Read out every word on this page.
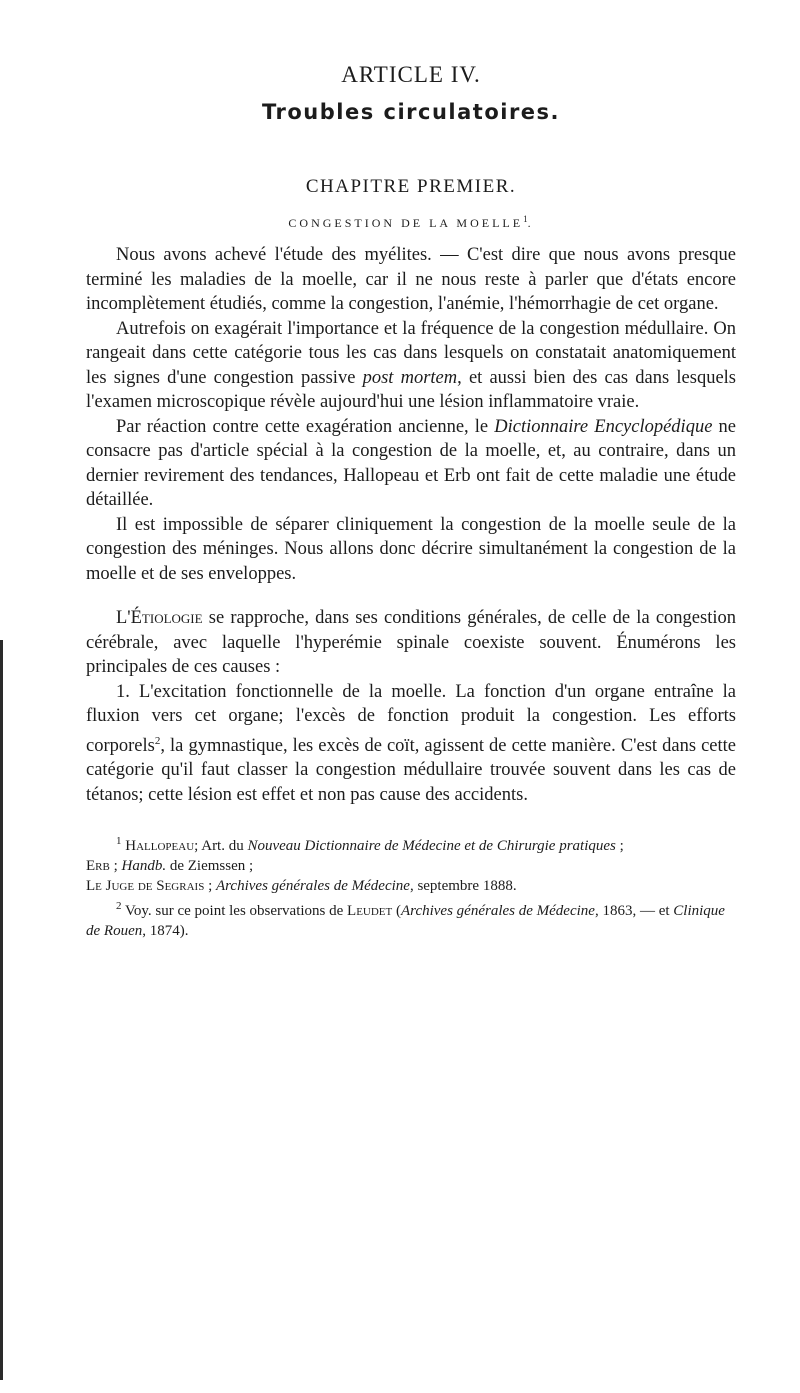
ARTICLE IV.
Troubles circulatoires.
CHAPITRE PREMIER.
CONGESTION DE LA MOELLE$^1$.

Nous avons achevé l'étude des myélites. — C'est dire que nous avons presque terminé les maladies de la moelle, car il ne nous reste à parler que d'états encore incomplètement étudiés, comme la congestion, l'anémie, l'hémorrhagie de cet organe.

Autrefois on exagérait l'importance et la fréquence de la congestion médullaire. On rangeait dans cette catégorie tous les cas dans lesquels on constatait anatomiquement les signes d'une congestion passive post mortem, et aussi bien des cas dans lesquels l'examen microscopique révèle aujourd'hui une lésion inflammatoire vraie.

Par réaction contre cette exagération ancienne, le Dictionnaire Encyclopédique ne consacre pas d'article spécial à la congestion de la moelle, et, au contraire, dans un dernier revirement des tendances, Hallopeau et Erb ont fait de cette maladie une étude détaillée.

Il est impossible de séparer cliniquement la congestion de la moelle seule de la congestion des méninges. Nous allons donc décrire simultanément la congestion de la moelle et de ses enveloppes.

L'Étiologie se rapproche, dans ses conditions générales, de celle de la congestion cérébrale, avec laquelle l'hyperémie spinale coexiste souvent. Énumérons les principales de ces causes :

1. L'excitation fonctionnelle de la moelle. La fonction d'un organe entraîne la fluxion vers cet organe; l'excès de fonction produit la congestion. Les efforts corporels$^2$, la gymnastique, les excès de coït, agissent de cette manière. C'est dans cette catégorie qu'il faut classer la congestion médullaire trouvée souvent dans les cas de tétanos; cette lésion est effet et non pas cause des accidents.

$^1$ Hallopeau; Art. du Nouveau Dictionnaire de Médecine et de Chirurgie pratiques ;

Erb ; Handb. de Ziemssen ;

Le Juge de Segrais ; Archives générales de Médecine, septembre 1888.

$^2$ Voy. sur ce point les observations de Leudet (Archives générales de Médecine, 1863, — et Clinique de Rouen, 1874).
